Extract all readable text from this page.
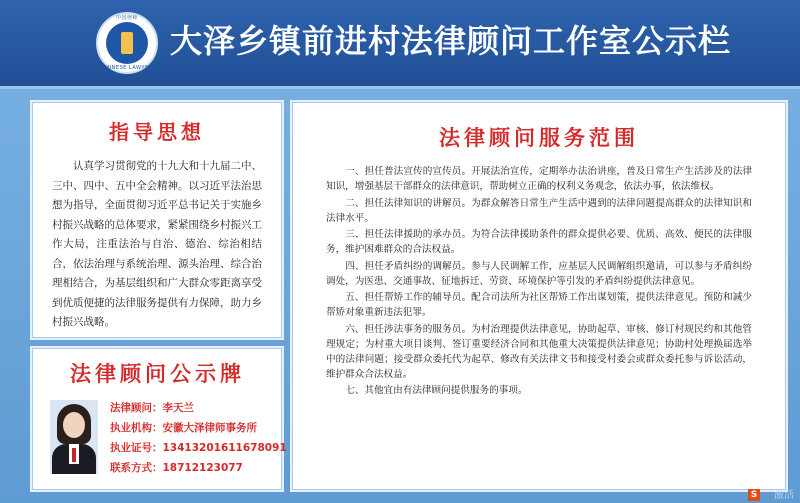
中国律师
CHINESE LAWYER
大泽乡镇前进村法律顾问工作室公示栏
指导思想
认真学习贯彻党的十九大和十九届二中、三中、四中、五中全会精神。以习近平法治思想为指导，全面贯彻习近平总书记关于实施乡村振兴战略的总体要求，紧紧围绕乡村振兴工作大局，注重法治与自治、德治、综治相结合，依法治理与系统治理、源头治理、综合治理相结合，为基层组织和广大群众零距离享受到优质便捷的法律服务提供有力保障，助力乡村振兴战略。
法律顾问公示牌
法律顾问：李天兰
执业机构：安徽大泽律师事务所
执业证号：13413201611678091
联系方式：18712123077
法律顾问服务范围
一、担任普法宣传的宣传员。开展法治宣传，定期举办法治讲座，普及日常生产生活涉及的法律知识，增强基层干部群众的法律意识，帮助树立正确的权利义务观念，依法办事，依法维权。
二、担任法律知识的讲解员。为群众解答日常生产生活中遇到的法律问题提高群众的法律知识和法律水平。
三、担任法律援助的承办员。为符合法律援助条件的群众提供必要、优质、高效、便民的法律服务，维护困难群众的合法权益。
四、担任矛盾纠纷的调解员。参与人民调解工作，应基层人民调解组织邀请，可以参与矛盾纠纷调处，为医患、交通事故、征地拆迁、劳资、环境保护等引发的矛盾纠纷提供法律意见。
五、担任帮矫工作的辅导员。配合司法所为社区帮矫工作出谋划策，提供法律意见。预防和减少帮矫对象重新违法犯罪。
六、担任涉法事务的服务员。为村治理提供法律意见，协助起草、审核、修订村规民约和其他管理规定；为村重大项目谈判、签订重要经济合同和其他重大决策提供法律意见；协助村处理换届选举中的法律问题；接受群众委托代为起草、修改有关法律文书和接受村委会或群众委托参与诉讼活动，维护群众合法权益。
七、其他宜由有法律顾问提供服务的事项。
S 激活
